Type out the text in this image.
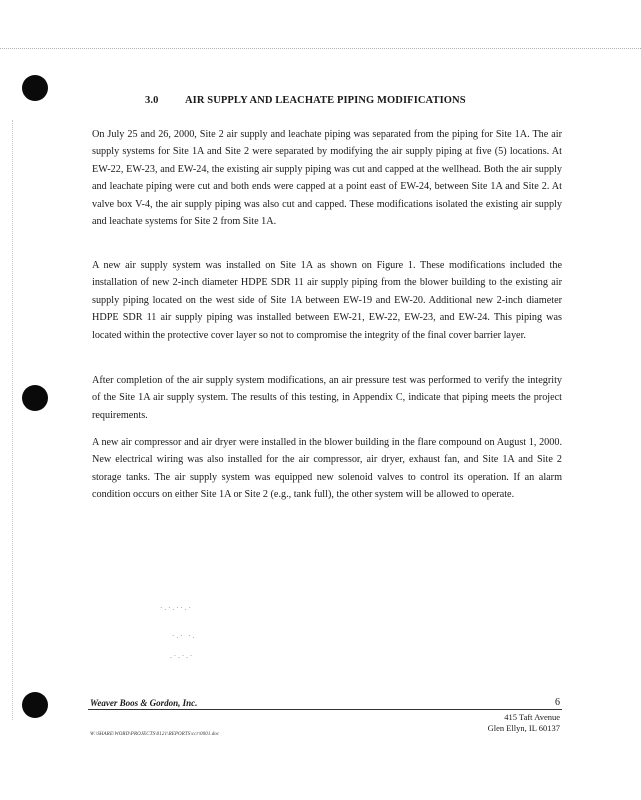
3.0	AIR SUPPLY AND LEACHATE PIPING MODIFICATIONS

On July 25 and 26, 2000, Site 2 air supply and leachate piping was separated from the piping for Site 1A. The air supply systems for Site 1A and Site 2 were separated by modifying the air supply piping at five (5) locations. At EW-22, EW-23, and EW-24, the existing air supply piping was cut and capped at the wellhead. Both the air supply and leachate piping were cut and both ends were capped at a point east of EW-24, between Site 1A and Site 2. At valve box V-4, the air supply piping was also cut and capped. These modifications isolated the existing air supply and leachate systems for Site 2 from Site 1A.

A new air supply system was installed on Site 1A as shown on Figure 1. These modifications included the installation of new 2-inch diameter HDPE SDR 11 air supply piping from the blower building to the existing air supply piping located on the west side of Site 1A between EW-19 and EW-20. Additional new 2-inch diameter HDPE SDR 11 air supply piping was installed between EW-21, EW-22, EW-23, and EW-24. This piping was located within the protective cover layer so not to compromise the integrity of the final cover barrier layer.

After completion of the air supply system modifications, an air pressure test was performed to verify the integrity of the Site 1A air supply system. The results of this testing, in Appendix C, indicate that piping meets the project requirements.

A new air compressor and air dryer were installed in the blower building in the flare compound on August 1, 2000. New electrical wiring was also installed for the air compressor, air dryer, exhaust fan, and Site 1A and Site 2 storage tanks. The air supply system was equipped new solenoid valves to control its operation. If an alarm condition occurs on either Site 1A or Site 2 (e.g., tank full), the other system will be allowed to operate.

·.·.··.·
·.· ·.
.·.·.·
Weaver Boos & Gordon, Inc.	6
415 Taft Avenue
Glen Ellyn, IL 60137
W:\SHARE\WORD\PROJECTS\0121\REPORTS\ccr\0001.doc
